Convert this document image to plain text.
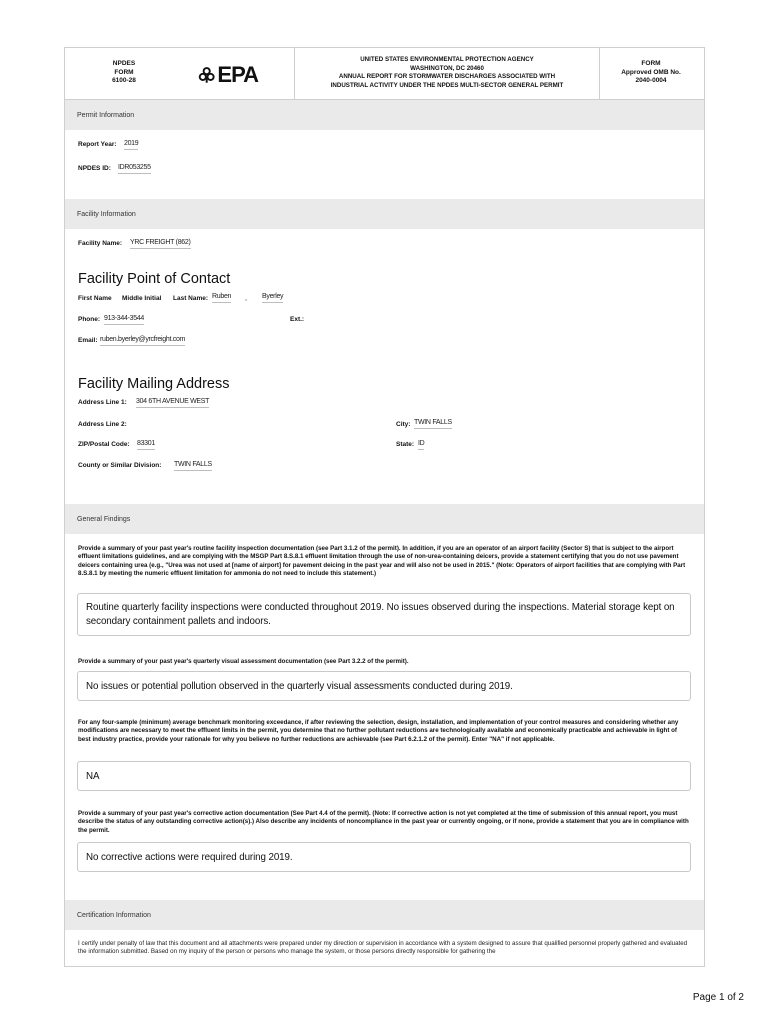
NPDES
FORM
6100-28
UNITED STATES ENVIRONMENTAL PROTECTION AGENCY
WASHINGTON, DC 20460
ANNUAL REPORT FOR STORMWATER DISCHARGES ASSOCIATED WITH
INDUSTRIAL ACTIVITY UNDER THE NPDES MULTI-SECTOR GENERAL PERMIT
FORM
Approved OMB No.
2040-0004
EPA
Permit Information
Report Year: 2019
NPDES ID: IDR053255
Facility Information
Facility Name: YRC FREIGHT (862)
Facility Point of Contact
First Name Middle Initial Last Name: Ruben , Byerley
Phone: 913-344-3544	Ext.:
Email: ruben.byerley@yrcfreight.com
Facility Mailing Address
Address Line 1: 304 6TH AVENUE WEST
Address Line 2:	City: TWIN FALLS
ZIP/Postal Code: 83301	State: ID
County or Similar Division: TWIN FALLS
General Findings
Provide a summary of your past year's routine facility inspection documentation (see Part 3.1.2 of the permit). In addition, if you are an operator of an airport facility (Sector S) that is subject to the airport effluent limitations guidelines, and are complying with the MSGP Part 8.S.8.1 effluent limitation through the use of non-urea-containing deicers, provide a statement certifying that you do not use pavement deicers containing urea (e.g., "Urea was not used at [name of airport] for pavement deicing in the past year and will also not be used in 2015." (Note: Operators of airport facilities that are complying with Part 8.S.8.1 by meeting the numeric effluent limitation for ammonia do not need to include this statement.)
Routine quarterly facility inspections were conducted throughout 2019. No issues observed during the inspections. Material storage kept on secondary containment pallets and indoors.
Provide a summary of your past year's quarterly visual assessment documentation (see Part 3.2.2 of the permit).
No issues or potential pollution observed in the quarterly visual assessments conducted during 2019.
For any four-sample (minimum) average benchmark monitoring exceedance, if after reviewing the selection, design, installation, and implementation of your control measures and considering whether any modifications are necessary to meet the effluent limits in the permit, you determine that no further pollutant reductions are technologically available and economically practicable and achievable in light of best industry practice, provide your rationale for why you believe no further reductions are achievable (see Part 6.2.1.2 of the permit). Enter "NA" if not applicable.
NA
Provide a summary of your past year's corrective action documentation (See Part 4.4 of the permit). (Note: If corrective action is not yet completed at the time of submission of this annual report, you must describe the status of any outstanding corrective action(s).) Also describe any incidents of noncompliance in the past year or currently ongoing, or if none, provide a statement that you are in compliance with the permit.
No corrective actions were required during 2019.
Certification Information
I certify under penalty of law that this document and all attachments were prepared under my direction or supervision in accordance with a system designed to assure that qualified personnel properly gathered and evaluated the information submitted. Based on my inquiry of the person or persons who manage the system, or those persons directly responsible for gathering the
Page 1 of 2
